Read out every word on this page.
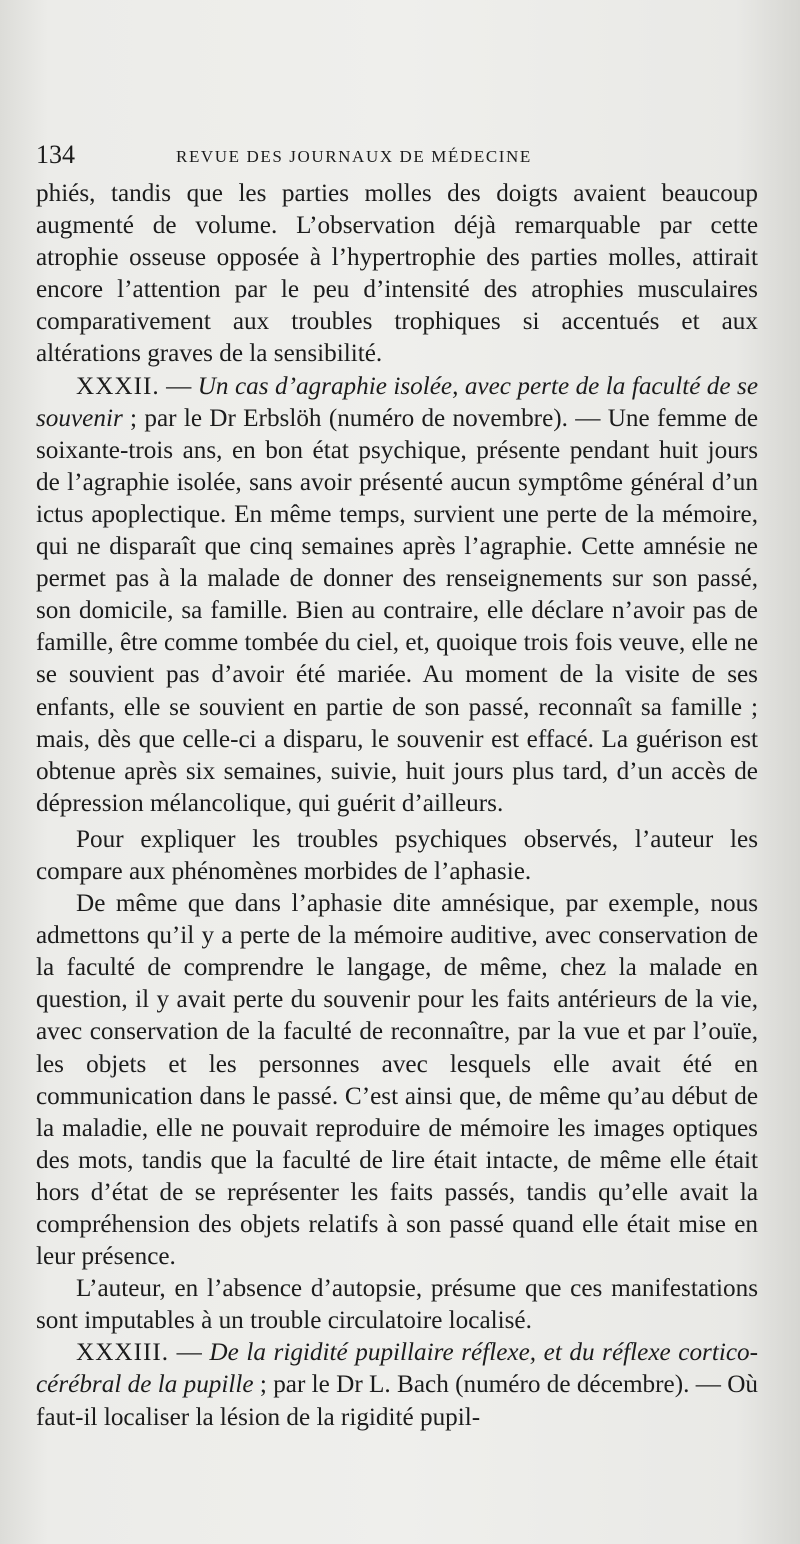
134	REVUE DES JOURNAUX DE MÉDECINE

phiés, tandis que les parties molles des doigts avaient beaucoup augmenté de volume. L’observation déjà remarquable par cette atrophie osseuse opposée à l’hypertrophie des parties molles, attirait encore l’attention par le peu d’intensité des atrophies musculaires comparativement aux troubles trophiques si accentués et aux altérations graves de la sensibilité.

XXXII. — Un cas d’agraphie isolée, avec perte de la faculté de se souvenir ; par le Dr Erbslöh (numéro de novembre). — Une femme de soixante-trois ans, en bon état psychique, présente pendant huit jours de l’agraphie isolée, sans avoir présenté aucun symptôme général d’un ictus apoplectique. En même temps, survient une perte de la mémoire, qui ne disparaît que cinq semaines après l’agraphie. Cette amnésie ne permet pas à la malade de donner des renseignements sur son passé, son domicile, sa famille. Bien au contraire, elle déclare n’avoir pas de famille, être comme tombée du ciel, et, quoique trois fois veuve, elle ne se souvient pas d’avoir été mariée. Au moment de la visite de ses enfants, elle se souvient en partie de son passé, reconnaît sa famille ; mais, dès que celle-ci a disparu, le souvenir est effacé. La guérison est obtenue après six semaines, suivie, huit jours plus tard, d’un accès de dépression mélancolique, qui guérit d’ailleurs.

Pour expliquer les troubles psychiques observés, l’auteur les compare aux phénomènes morbides de l’aphasie.

De même que dans l’aphasie dite amnésique, par exemple, nous admettons qu’il y a perte de la mémoire auditive, avec conservation de la faculté de comprendre le langage, de même, chez la malade en question, il y avait perte du souvenir pour les faits antérieurs de la vie, avec conservation de la faculté de reconnaître, par la vue et par l’ouïe, les objets et les personnes avec lesquels elle avait été en communication dans le passé. C’est ainsi que, de même qu’au début de la maladie, elle ne pouvait reproduire de mémoire les images optiques des mots, tandis que la faculté de lire était intacte, de même elle était hors d’état de se représenter les faits passés, tandis qu’elle avait la compréhension des objets relatifs à son passé quand elle était mise en leur présence.

L’auteur, en l’absence d’autopsie, présume que ces manifestations sont imputables à un trouble circulatoire localisé.

XXXIII. — De la rigidité pupillaire réflexe, et du réflexe cortico-cérébral de la pupille ; par le Dr L. Bach (numéro de décembre). — Où faut-il localiser la lésion de la rigidité pupil-
